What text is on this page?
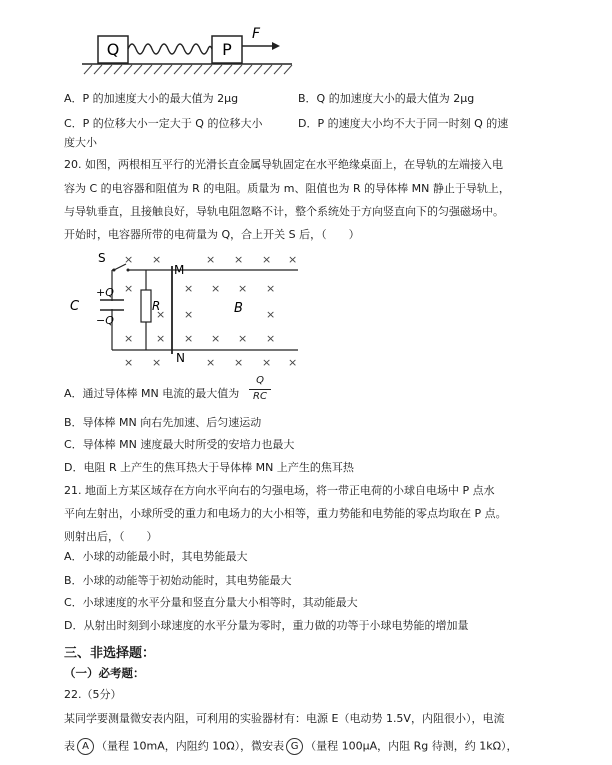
Q	P
F
A．P 的加速度大小的最大值为 2μg	B．Q 的加速度大小的最大值为 2μg
C．P 的位移大小一定大于 Q 的位移大小	D．P 的速度大小均不大于同一时刻 Q 的速
度大小
20. 如图，两根相互平行的光滑长直金属导轨固定在水平绝缘桌面上，在导轨的左端接入电
容为 C 的电容器和阻值为 R 的电阻。质量为 m、阻值也为 R 的导体棒 MN 静止于导轨上，
与导轨垂直，且接触良好，导轨电阻忽略不计，整个系统处于方向竖直向下的匀强磁场中。
开始时，电容器所带的电荷量为 Q，合上开关 S 后，（　　）
× ×	× × × ×
×	× × × ×
× ×	×
× × × × × ×
× ×	× × × ×
S
M
N
C
+Q
−Q
R	B
A．通过导体棒 MN 电流的最大值为
Q
RC
B．导体棒 MN 向右先加速、后匀速运动
C．导体棒 MN 速度最大时所受的安培力也最大
D．电阻 R 上产生的焦耳热大于导体棒 MN 上产生的焦耳热
21. 地面上方某区域存在方向水平向右的匀强电场，将一带正电荷的小球自电场中 P 点水
平向左射出，小球所受的重力和电场力的大小相等，重力势能和电势能的零点均取在 P 点。
则射出后，（　　）
A．小球的动能最小时，其电势能最大
B．小球的动能等于初始动能时，其电势能最大
C．小球速度的水平分量和竖直分量大小相等时，其动能最大
D．从射出时刻到小球速度的水平分量为零时，重力做的功等于小球电势能的增加量
三、非选择题：
（一）必考题：
22.（5分）
某同学要测量微安表内阻，可利用的实验器材有：电源 E（电动势 1.5V，内阻很小），电流
表 A （量程 10mA，内阻约 10Ω），微安表 G （量程 100μA，内阻 Rg 待测，约 1kΩ），
